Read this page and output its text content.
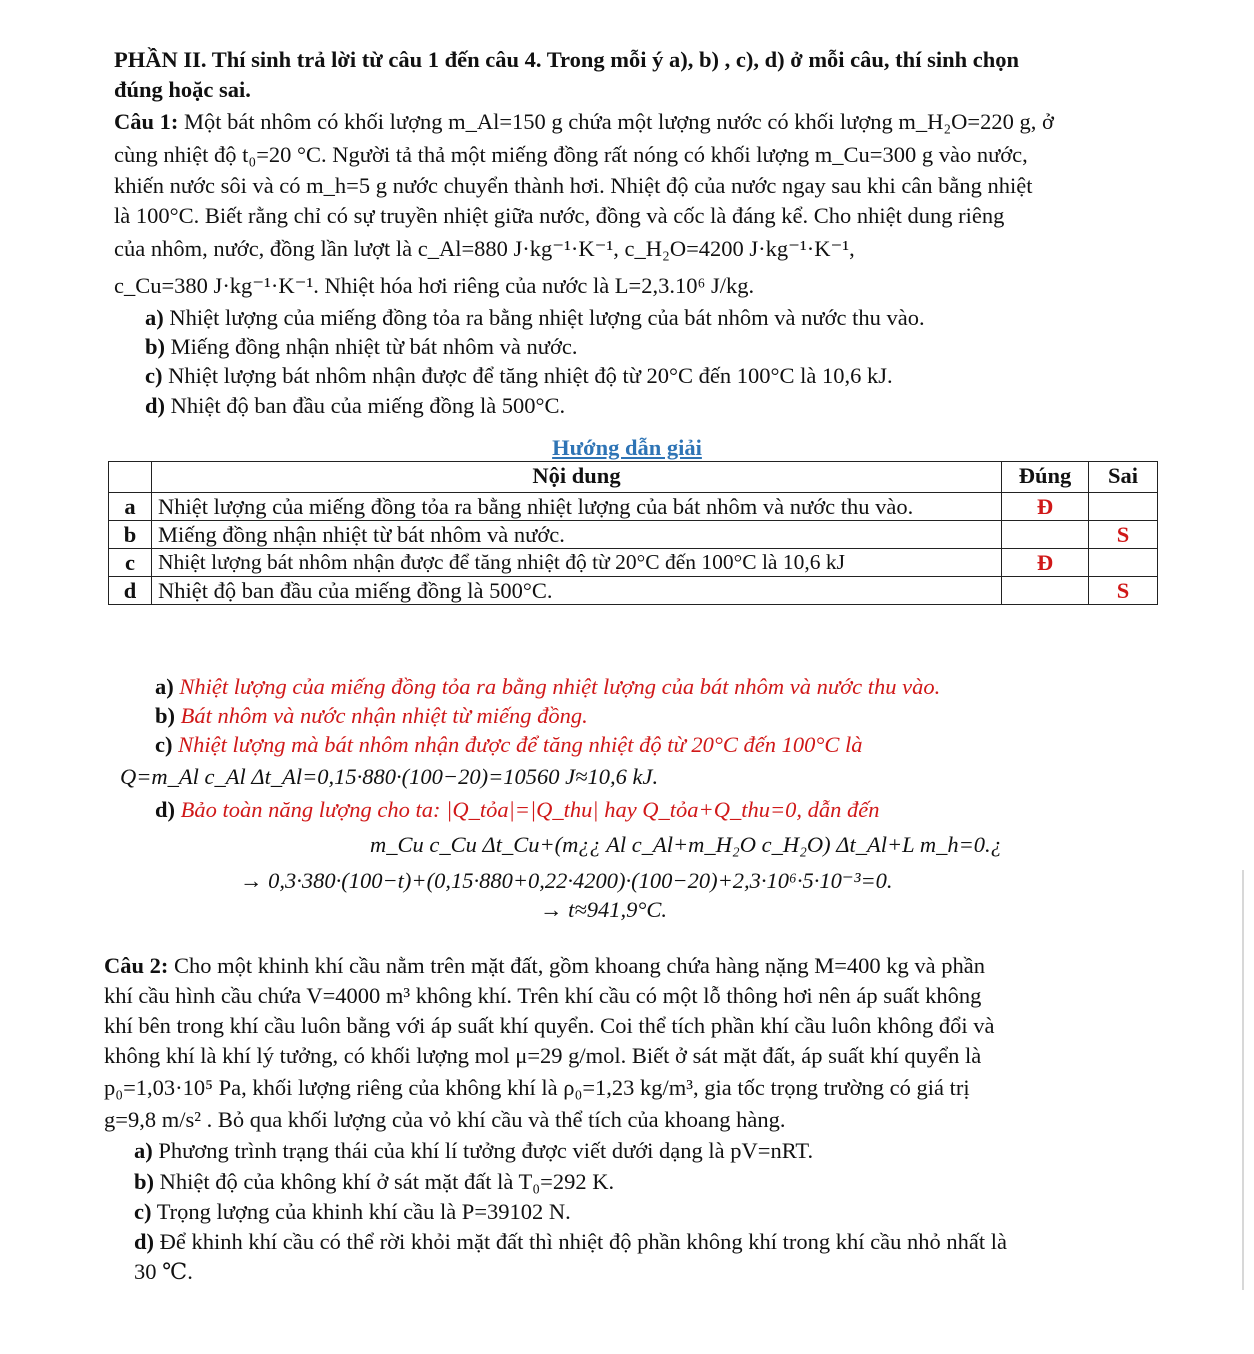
PHẦN II. Thí sinh trả lời từ câu 1 đến câu 4. Trong mỗi ý a), b) , c), d) ở mỗi câu, thí sinh chọn
đúng hoặc sai.
Câu 1: Một bát nhôm có khối lượng m_Al=150 g chứa một lượng nước có khối lượng m_H₂O=220 g, ở
cùng nhiệt độ t₀=20 °C. Người tả thả một miếng đồng rất nóng có khối lượng m_Cu=300 g vào nước,
khiến nước sôi và có m_h=5 g nước chuyển thành hơi. Nhiệt độ của nước ngay sau khi cân bằng nhiệt
là 100°C. Biết rằng chỉ có sự truyền nhiệt giữa nước, đồng và cốc là đáng kể. Cho nhiệt dung riêng
của nhôm, nước, đồng lần lượt là c_Al=880 J·kg⁻¹·K⁻¹, c_H₂O=4200 J·kg⁻¹·K⁻¹,
c_Cu=380 J·kg⁻¹·K⁻¹. Nhiệt hóa hơi riêng của nước là L=2,3.10⁶ J/kg.
a) Nhiệt lượng của miếng đồng tỏa ra bằng nhiệt lượng của bát nhôm và nước thu vào.
b) Miếng đồng nhận nhiệt từ bát nhôm và nước.
c) Nhiệt lượng bát nhôm nhận được để tăng nhiệt độ từ 20°C đến 100°C là 10,6 kJ.
d) Nhiệt độ ban đầu của miếng đồng là 500°C.
Hướng dẫn giải
	Nội dung	Đúng	Sai
a	Nhiệt lượng của miếng đồng tỏa ra bằng nhiệt lượng của bát nhôm và nước thu vào.	Đ	
b	Miếng đồng nhận nhiệt từ bát nhôm và nước.		S
c	Nhiệt lượng bát nhôm nhận được để tăng nhiệt độ từ 20°C đến 100°C là 10,6 kJ	Đ	
d	Nhiệt độ ban đầu của miếng đồng là 500°C.		S
a) Nhiệt lượng của miếng đồng tỏa ra bằng nhiệt lượng của bát nhôm và nước thu vào.
b) Bát nhôm và nước nhận nhiệt từ miếng đồng.
c) Nhiệt lượng mà bát nhôm nhận được để tăng nhiệt độ từ 20°C đến 100°C là
Q=m_Al c_Al Δt_Al=0,15·880·(100−20)=10560 J≈10,6 kJ.
d) Bảo toàn năng lượng cho ta: |Q_tỏa|=|Q_thu| hay Q_tỏa+Q_thu=0, dẫn đến
m_Cu c_Cu Δt_Cu+(m¿¿ Al c_Al+m_H₂O c_H₂O) Δt_Al+L m_h=0.¿
→ 0,3·380·(100−t)+(0,15·880+0,22·4200)·(100−20)+2,3·10⁶·5·10⁻³=0.
→ t≈941,9°C.
Câu 2: Cho một khinh khí cầu nằm trên mặt đất, gồm khoang chứa hàng nặng M=400 kg và phần
khí cầu hình cầu chứa V=4000 m³ không khí. Trên khí cầu có một lỗ thông hơi nên áp suất không
khí bên trong khí cầu luôn bằng với áp suất khí quyển. Coi thể tích phần khí cầu luôn không đổi và
không khí là khí lý tưởng, có khối lượng mol μ=29 g/mol. Biết ở sát mặt đất, áp suất khí quyển là
p₀=1,03·10⁵ Pa, khối lượng riêng của không khí là ρ₀=1,23 kg/m³, gia tốc trọng trường có giá trị
g=9,8 m/s² . Bỏ qua khối lượng của vỏ khí cầu và thể tích của khoang hàng.
a) Phương trình trạng thái của khí lí tưởng được viết dưới dạng là pV=nRT.
b) Nhiệt độ của không khí ở sát mặt đất là T₀=292 K.
c) Trọng lượng của khinh khí cầu là P=39102 N.
d) Để khinh khí cầu có thể rời khỏi mặt đất thì nhiệt độ phần không khí trong khí cầu nhỏ nhất là
30 ℃.
